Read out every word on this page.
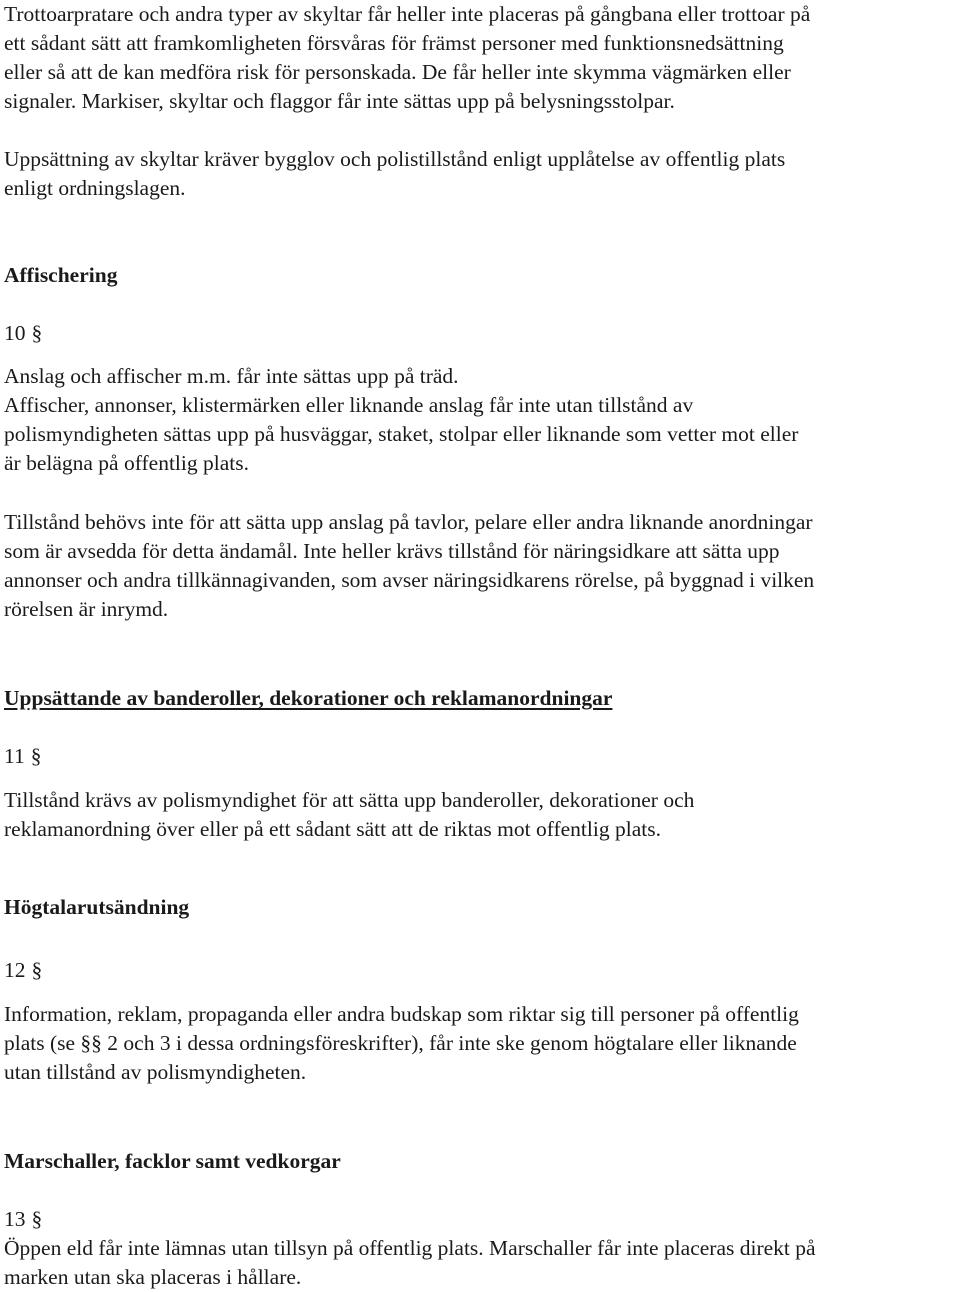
Trottoarpratare och andra typer av skyltar får heller inte placeras på gångbana eller trottoar på
ett sådant sätt att framkomligheten försvåras för främst personer med funktionsnedsättning
eller så att de kan medföra risk för personskada. De får heller inte skymma vägmärken eller
signaler. Markiser, skyltar och flaggor får inte sättas upp på belysningsstolpar.

Uppsättning av skyltar kräver bygglov och polistillstånd enligt upplåtelse av offentlig plats
enligt ordningslagen.

Affischering

10 §

Anslag och affischer m.m. får inte sättas upp på träd.
Affischer, annonser, klistermärken eller liknande anslag får inte utan tillstånd av
polismyndigheten sättas upp på husväggar, staket, stolpar eller liknande som vetter mot eller
är belägna på offentlig plats.

Tillstånd behövs inte för att sätta upp anslag på tavlor, pelare eller andra liknande anordningar
som är avsedda för detta ändamål. Inte heller krävs tillstånd för näringsidkare att sätta upp
annonser och andra tillkännagivanden, som avser näringsidkarens rörelse, på byggnad i vilken
rörelsen är inrymd.

Uppsättande av banderoller, dekorationer och reklamanordningar

11 §

Tillstånd krävs av polismyndighet för att sätta upp banderoller, dekorationer och
reklamanordning över eller på ett sådant sätt att de riktas mot offentlig plats.

Högtalarutsändning

12 §

Information, reklam, propaganda eller andra budskap som riktar sig till personer på offentlig
plats (se §§ 2 och 3 i dessa ordningsföreskrifter), får inte ske genom högtalare eller liknande
utan tillstånd av polismyndigheten.

Marschaller, facklor samt vedkorgar

13 §

Öppen eld får inte lämnas utan tillsyn på offentlig plats. Marschaller får inte placeras direkt på
marken utan ska placeras i hållare.
